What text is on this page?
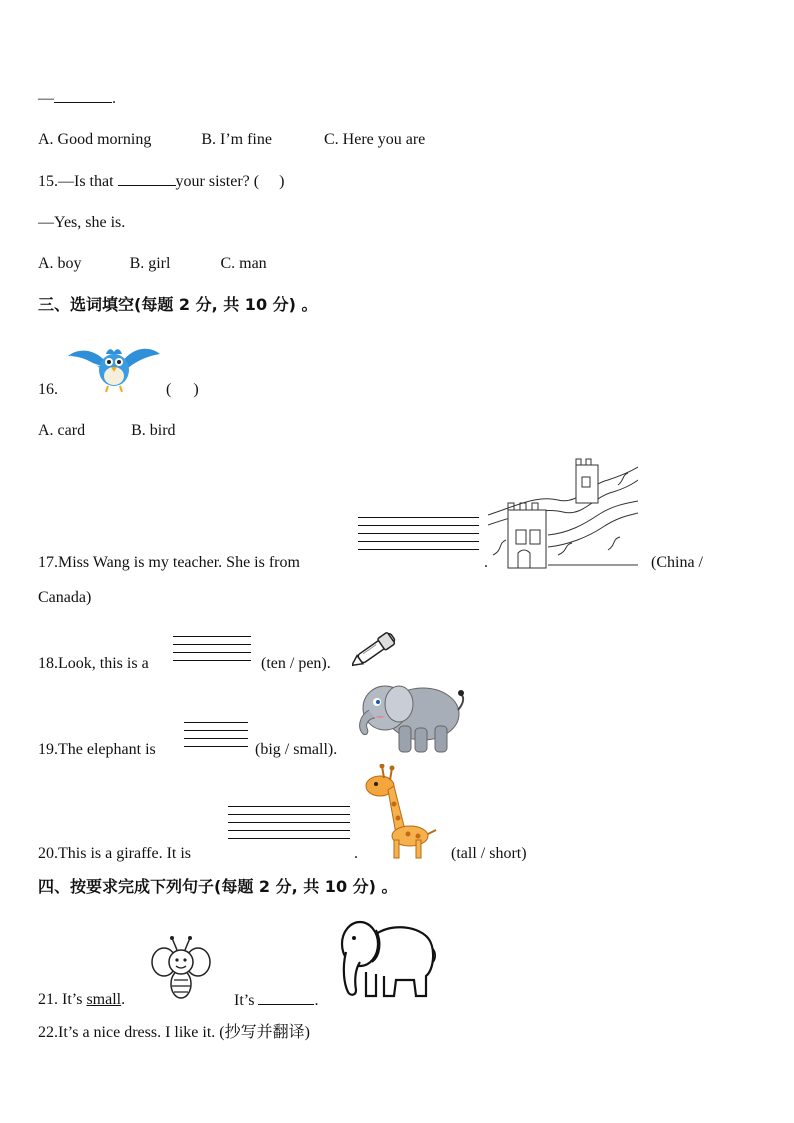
—	.
A. Good morning	B. I’m fine	C. Here you are
15.—Is that	your sister? ( )
—Yes, she is.
A. boy	B. girl	C. man
三、选词填空(每题 2 分, 共 10 分) 。
16.	( )
A. card	B. bird
17.Miss Wang is my teacher. She is from	.	(China /
Canada)
18.Look, this is a	(ten / pen).
19.The elephant is	(big / small).
20.This is a giraffe. It is	.	(tall / short)
四、按要求完成下列句子(每题 2 分, 共 10 分) 。
21. It’s small.	It’s	.
22.It’s a nice dress. I like it. (抄写并翻译)
